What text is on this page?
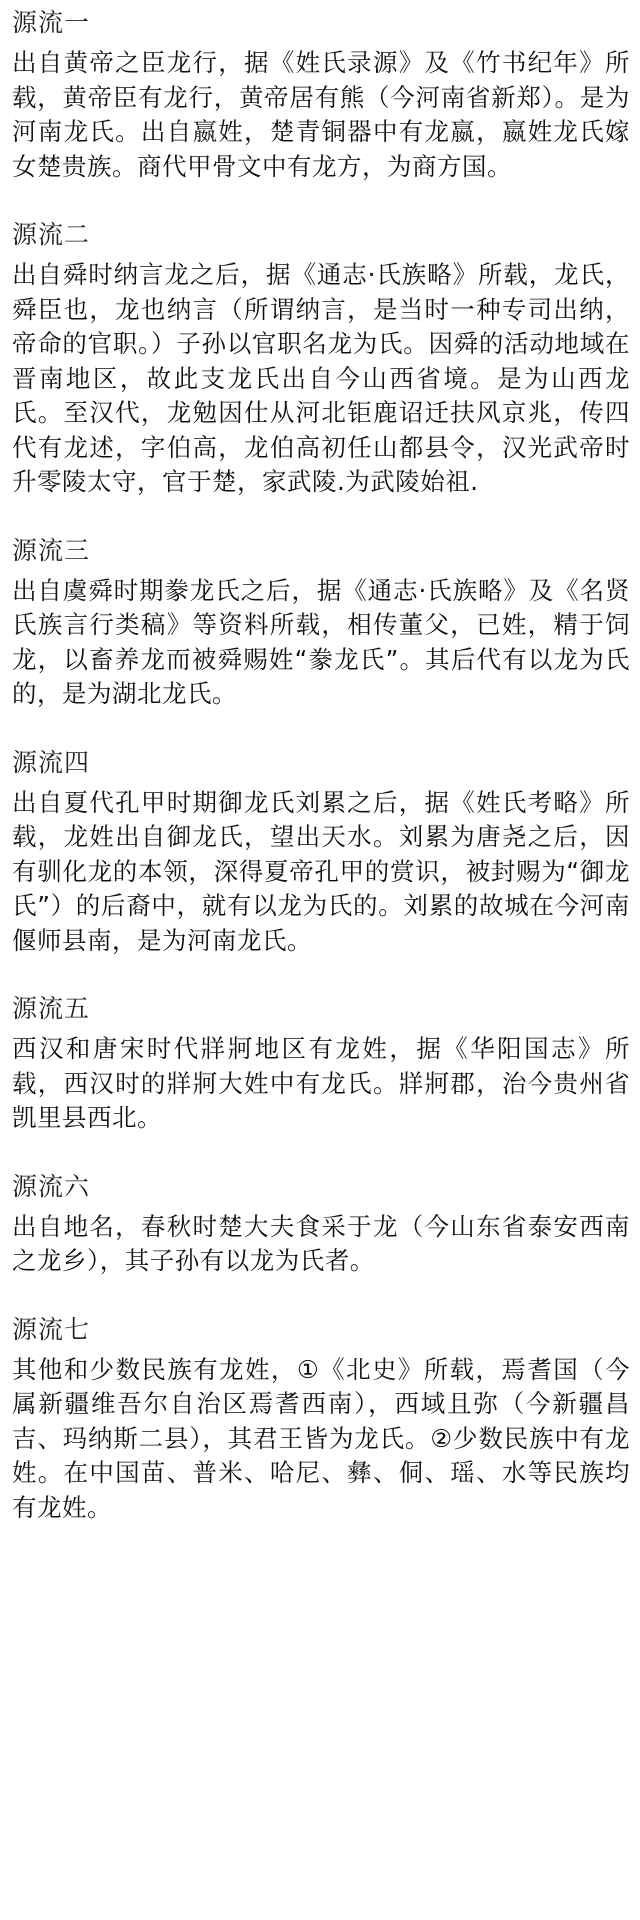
源流一
出自黄帝之臣龙行，据《姓氏录源》及《竹书纪年》所载，黄帝臣有龙行，黄帝居有熊（今河南省新郑）。是为河南龙氏。出自嬴姓，楚青铜器中有龙嬴，嬴姓龙氏嫁女楚贵族。商代甲骨文中有龙方，为商方国。
源流二
出自舜时纳言龙之后，据《通志·氏族略》所载，龙氏，舜臣也，龙也纳言（所谓纳言，是当时一种专司出纳，帝命的官职。）子孙以官职名龙为氏。因舜的活动地域在晋南地区，故此支龙氏出自今山西省境。是为山西龙氏。至汉代，龙勉因仕从河北钜鹿诏迁扶风京兆，传四代有龙述，字伯高，龙伯高初任山都县令，汉光武帝时升零陵太守，官于楚，家武陵.为武陵始祖.
源流三
出自虞舜时期豢龙氏之后，据《通志·氏族略》及《名贤氏族言行类稿》等资料所载，相传董父，已姓，精于饲龙，以畜养龙而被舜赐姓“豢龙氏”。其后代有以龙为氏的，是为湖北龙氏。
源流四
出自夏代孔甲时期御龙氏刘累之后，据《姓氏考略》所载，龙姓出自御龙氏，望出天水。刘累为唐尧之后，因有驯化龙的本领，深得夏帝孔甲的赏识，被封赐为“御龙氏”）的后裔中，就有以龙为氏的。刘累的故城在今河南偃师县南，是为河南龙氏。
源流五
西汉和唐宋时代牂牁地区有龙姓，据《华阳国志》所载，西汉时的牂牁大姓中有龙氏。牂牁郡，治今贵州省凯里县西北。
源流六
出自地名，春秋时楚大夫食采于龙（今山东省泰安西南之龙乡），其子孙有以龙为氏者。
源流七
其他和少数民族有龙姓，①《北史》所载，焉耆国（今属新疆维吾尔自治区焉耆西南），西域且弥（今新疆昌吉、玛纳斯二县），其君王皆为龙氏。②少数民族中有龙姓。在中国苗、普米、哈尼、彝、侗、瑶、水等民族均有龙姓。
